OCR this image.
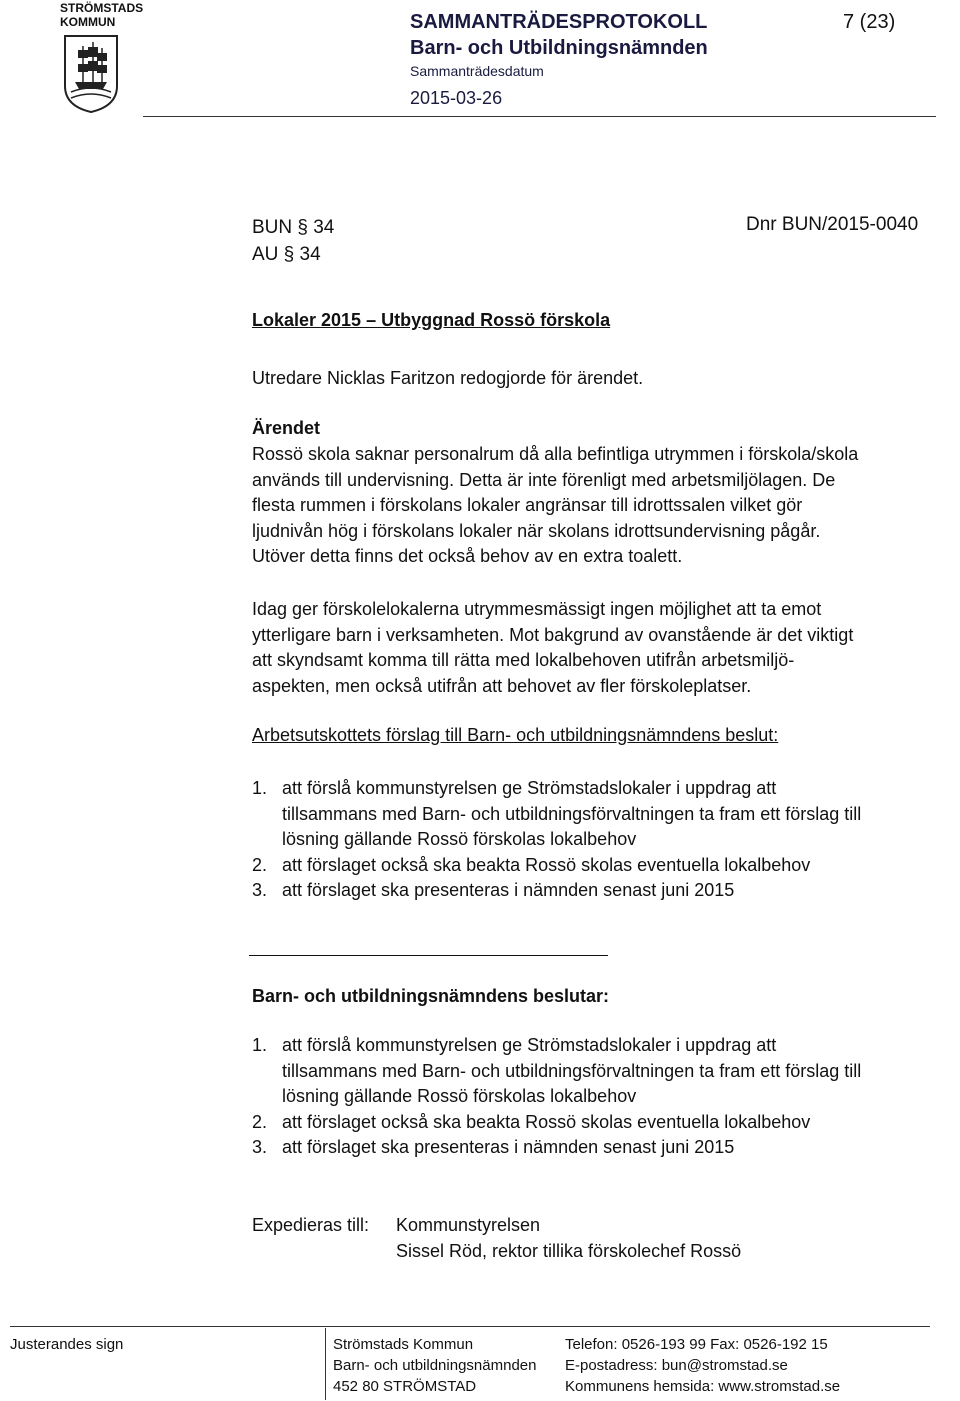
STRÖMSTADS
KOMMUN	SAMMANTRÄDESPROTOKOLL
Barn- och Utbildningsnämnden
Sammanträdesdatum
2015-03-26
7 (23)
BUN § 34
AU § 34
Dnr BUN/2015-0040
Lokaler 2015 – Utbyggnad Rossö förskola
Utredare Nicklas Faritzon redogjorde för ärendet.
Ärendet
Rossö skola saknar personalrum då alla befintliga utrymmen i förskola/skola
används till undervisning. Detta är inte förenligt med arbetsmiljölagen. De
flesta rummen i förskolans lokaler angränsar till idrottssalen vilket gör
ljudnivån hög i förskolans lokaler när skolans idrottsundervisning pågår.
Utöver detta finns det också behov av en extra toalett.
Idag ger förskolelokalerna utrymmesmässigt ingen möjlighet att ta emot
ytterligare barn i verksamheten. Mot bakgrund av ovanstående är det viktigt
att skyndsamt komma till rätta med lokalbehoven utifrån arbetsmiljö-
aspekten, men också utifrån att behovet av fler förskoleplatser.
Arbetsutskottets förslag till Barn- och utbildningsnämndens beslut:
1. att förslå kommunstyrelsen ge Strömstadslokaler i uppdrag att
tillsammans med Barn- och utbildningsförvaltningen ta fram ett förslag till
lösning gällande Rossö förskolas lokalbehov
2. att förslaget också ska beakta Rossö skolas eventuella lokalbehov
3. att förslaget ska presenteras i nämnden senast juni 2015
Barn- och utbildningsnämndens beslutar:
1. att förslå kommunstyrelsen ge Strömstadslokaler i uppdrag att
tillsammans med Barn- och utbildningsförvaltningen ta fram ett förslag till
lösning gällande Rossö förskolas lokalbehov
2. att förslaget också ska beakta Rossö skolas eventuella lokalbehov
3. att förslaget ska presenteras i nämnden senast juni 2015
Expedieras till: Kommunstyrelsen
Sissel Röd, rektor tillika förskolechef Rossö
Justerandes sign	Strömstads Kommun
Barn- och utbildningsnämnden
452 80 STRÖMSTAD
Telefon: 0526-193 99 Fax: 0526-192 15
E-postadress: bun@stromstad.se
Kommunens hemsida: www.stromstad.se
